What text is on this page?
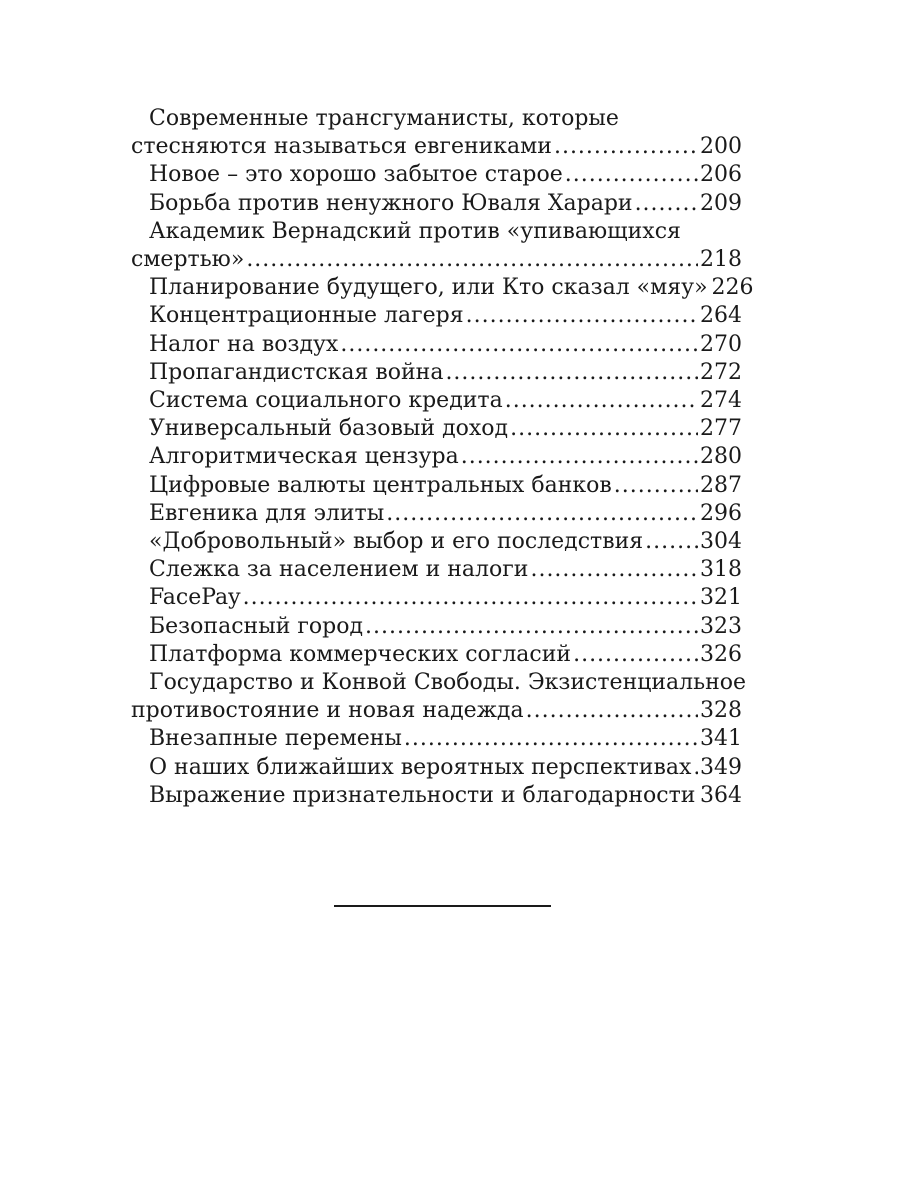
Современные трансгуманисты, которые
стесняются называться евгениками .....	200
Новое – это хорошо забытое старое .....	206
Борьба против ненужного Юваля Харари .....	209
Академик Вернадский против «упивающихся
смертью» .....	218
Планирование будущего, или Кто сказал «мяу» 226
Концентрационные лагеря .....	264
Налог на воздух .....	270
Пропагандистская война .....	272
Система социального кредита .....	274
Универсальный базовый доход .....	277
Алгоритмическая цензура .....	280
Цифровые валюты центральных банков .....	287
Евгеника для элиты .....	296
«Добровольный» выбор и его последствия .....	304
Слежка за населением и налоги .....	318
FacePay .....	321
Безопасный город .....	323
Платформа коммерческих согласий .....	326
Государство и Конвой Свободы. Экзистенциальное
противостояние и новая надежда .....	328
Внезапные перемены .....	341
О наших ближайших вероятных перспективах ..... 349
Выражение признательности и благодарности ..... 364
